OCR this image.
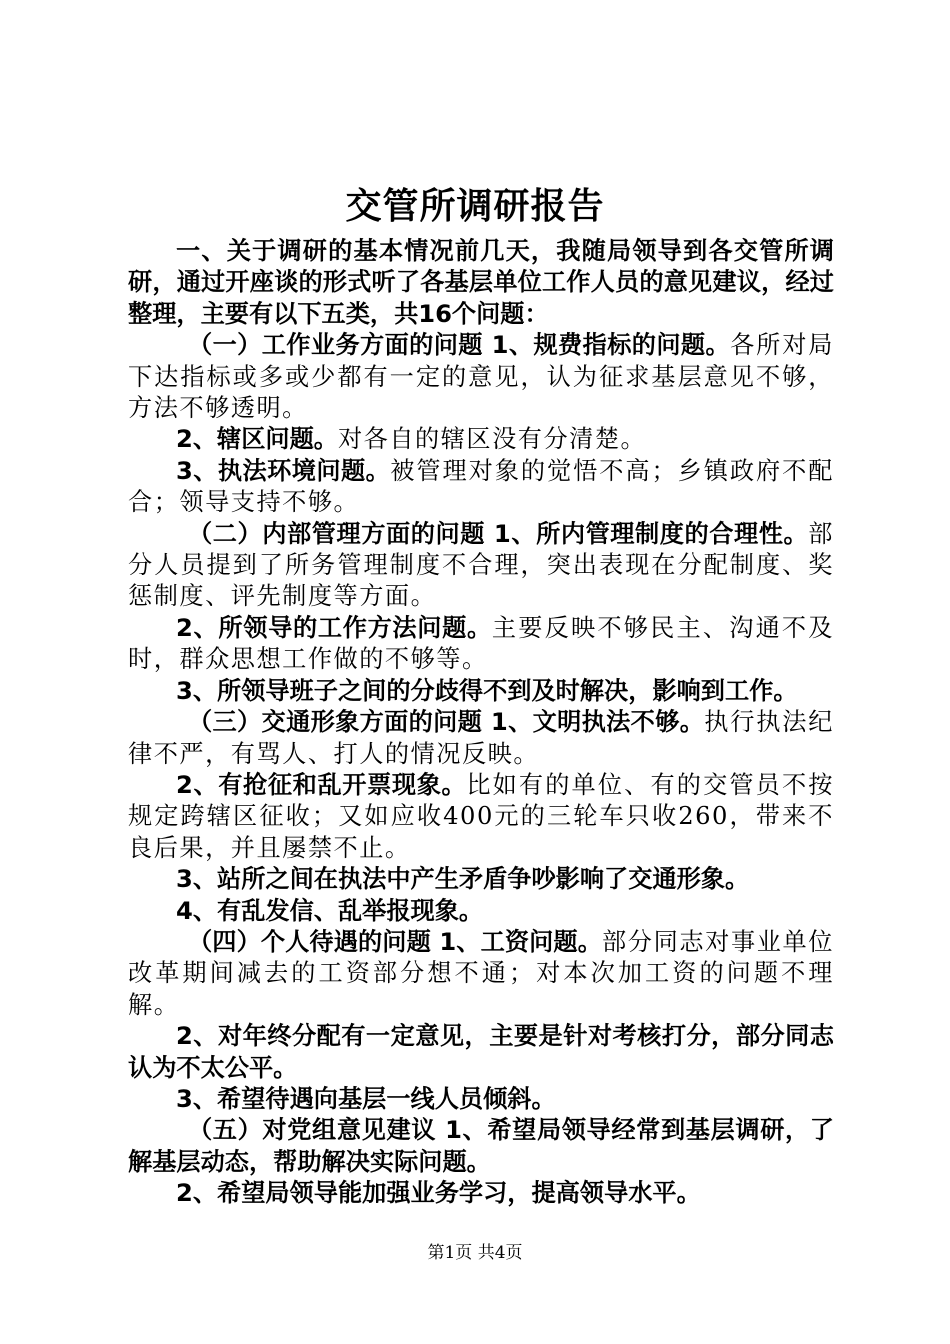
交管所调研报告

一、关于调研的基本情况前几天，我随局领导到各交管所调研，通过开座谈的形式听了各基层单位工作人员的意见建议，经过整理，主要有以下五类，共16个问题：

（一）工作业务方面的问题 1、规费指标的问题。各所对局下达指标或多或少都有一定的意见，认为征求基层意见不够，方法不够透明。

2、辖区问题。对各自的辖区没有分清楚。

3、执法环境问题。被管理对象的觉悟不高；乡镇政府不配合；领导支持不够。

（二）内部管理方面的问题 1、所内管理制度的合理性。部分人员提到了所务管理制度不合理，突出表现在分配制度、奖惩制度、评先制度等方面。

2、所领导的工作方法问题。主要反映不够民主、沟通不及时，群众思想工作做的不够等。

3、所领导班子之间的分歧得不到及时解决，影响到工作。

（三）交通形象方面的问题 1、文明执法不够。执行执法纪律不严，有骂人、打人的情况反映。

2、有抢征和乱开票现象。比如有的单位、有的交管员不按规定跨辖区征收；又如应收400元的三轮车只收260，带来不良后果，并且屡禁不止。

3、站所之间在执法中产生矛盾争吵影响了交通形象。

4、有乱发信、乱举报现象。

（四）个人待遇的问题 1、工资问题。部分同志对事业单位改革期间减去的工资部分想不通；对本次加工资的问题不理解。

2、对年终分配有一定意见，主要是针对考核打分，部分同志认为不太公平。

3、希望待遇向基层一线人员倾斜。

（五）对党组意见建议 1、希望局领导经常到基层调研，了解基层动态，帮助解决实际问题。

2、希望局领导能加强业务学习，提高领导水平。

第1页 共4页
